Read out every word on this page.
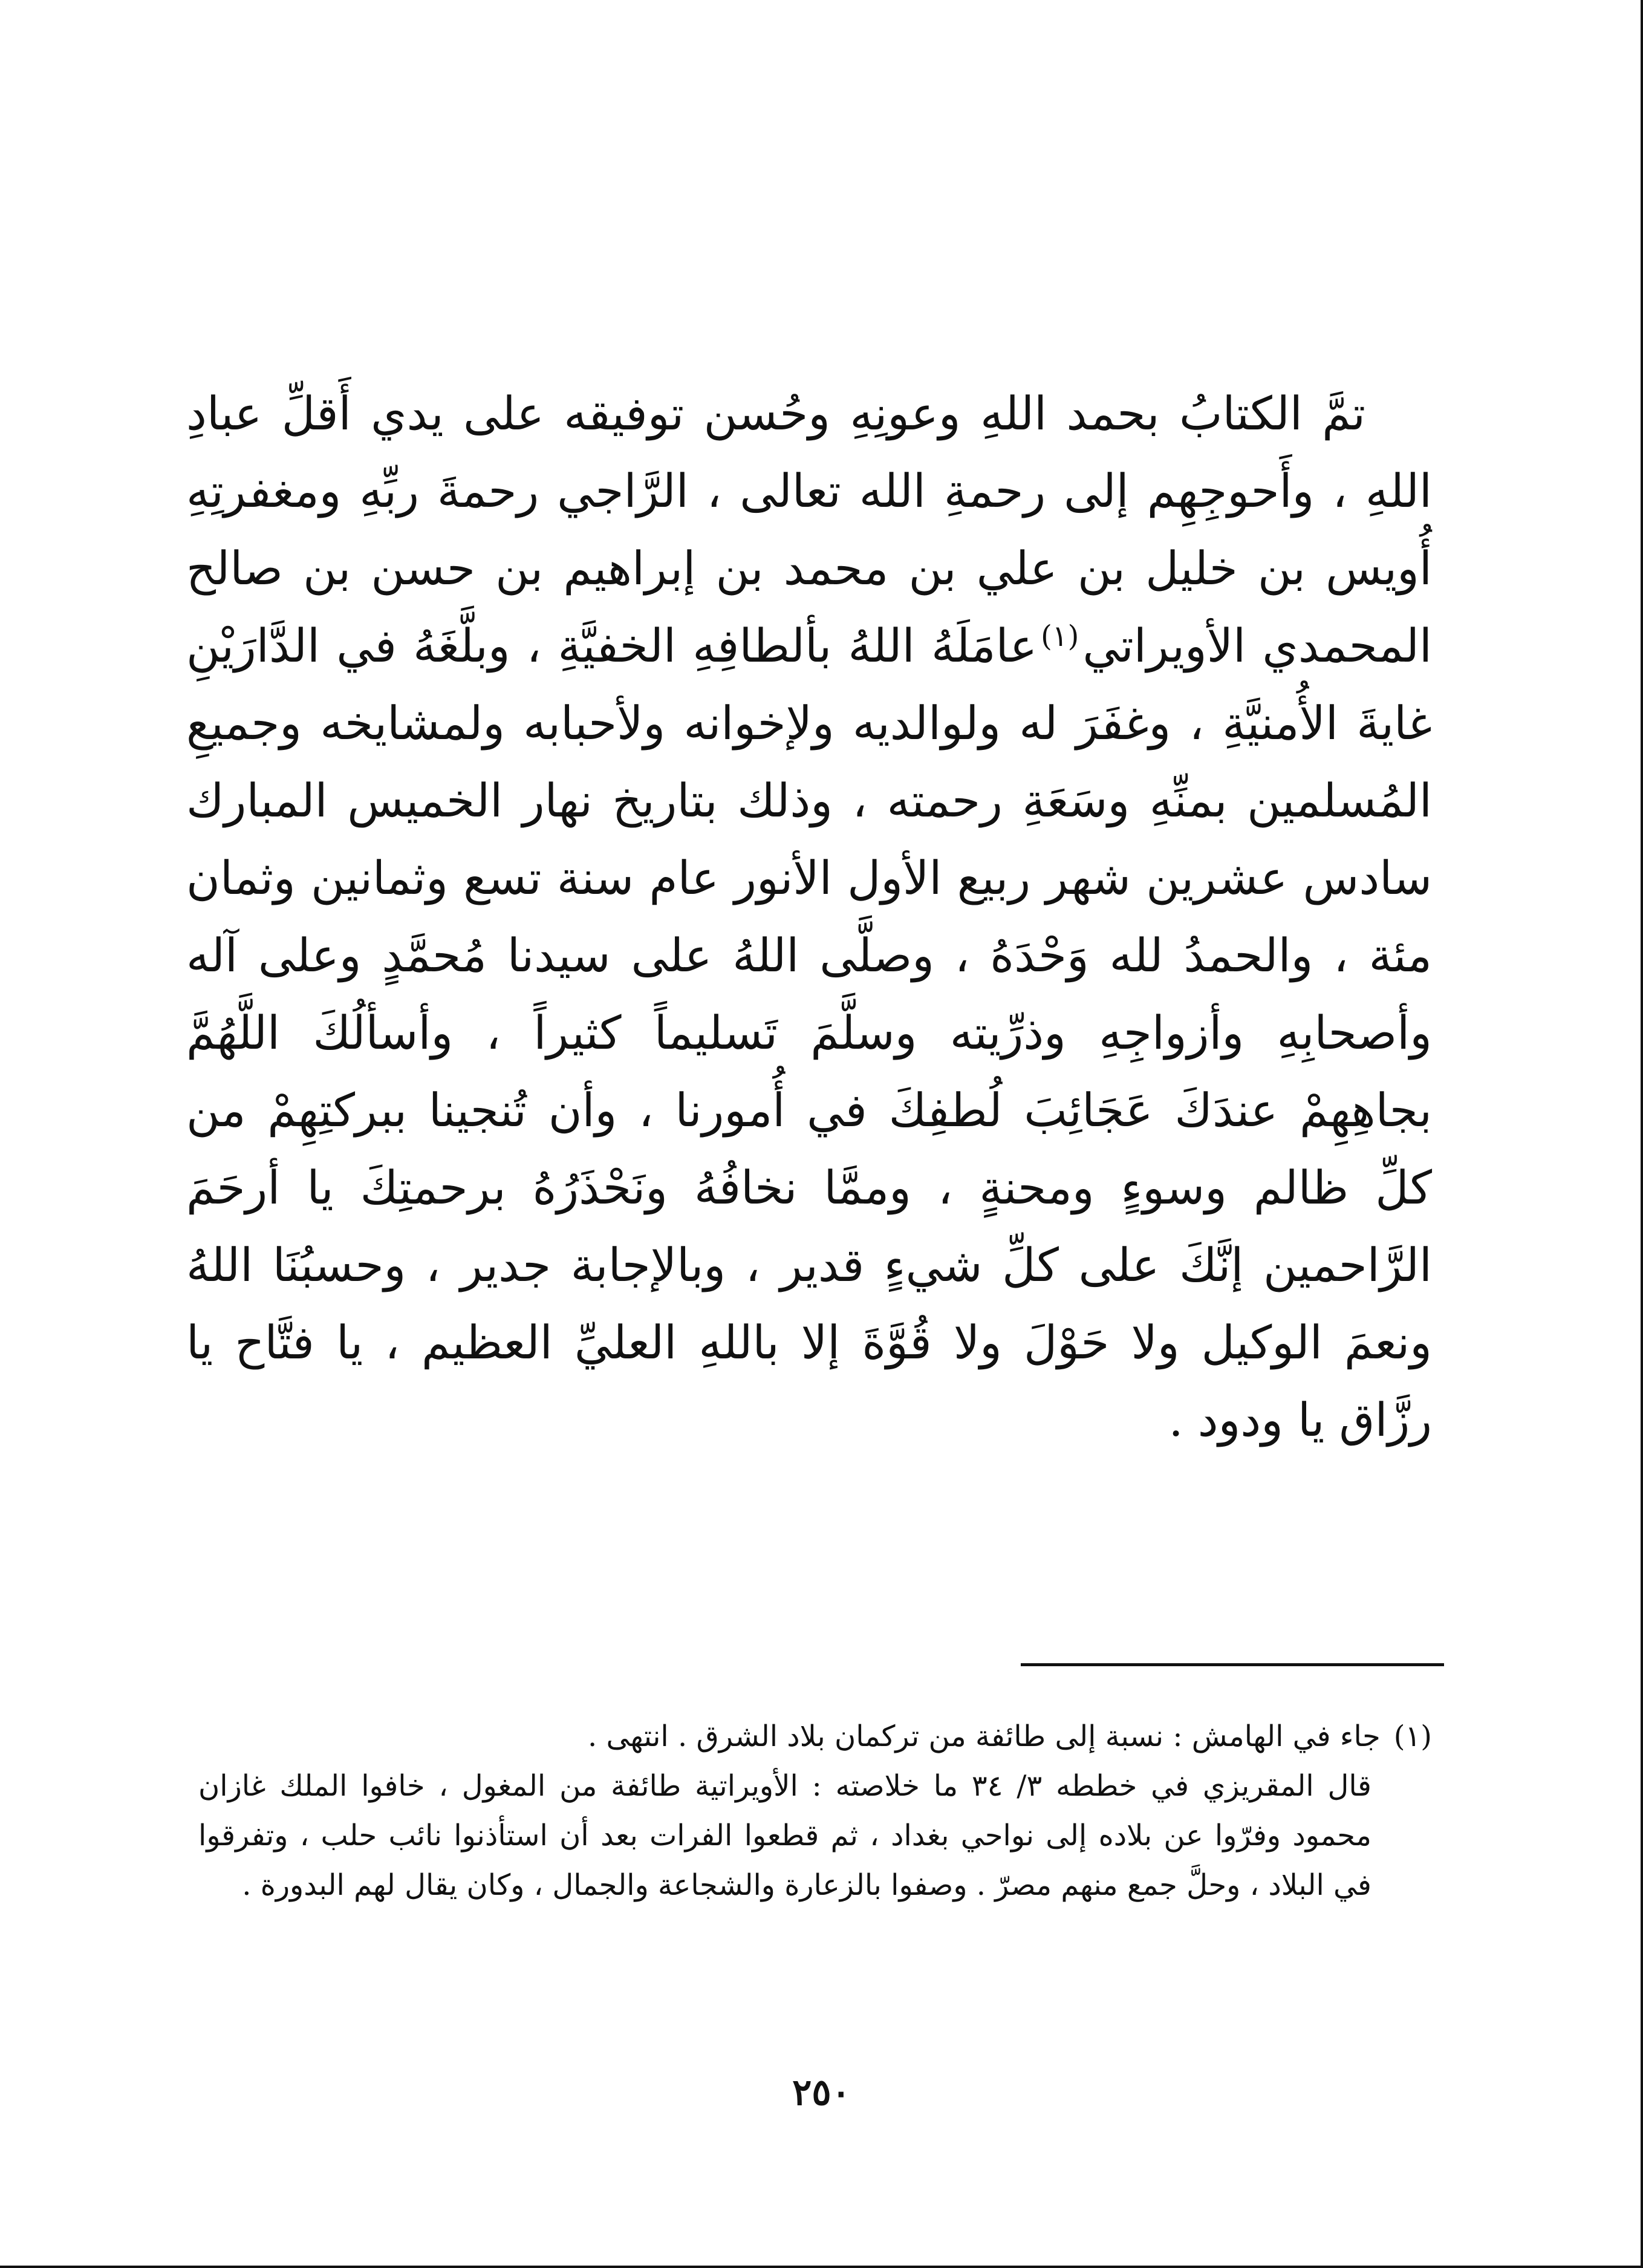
تمَّ الكتابُ بحمد اللهِ وعونِهِ وحُسن توفيقه على يدي أَقلِّ عبادِ اللهِ ، وأَحوجِهِم إلى رحمةِ الله تعالى ، الرَّاجي رحمةَ ربِّهِ ومغفرتِهِ أُويس بن خليل بن علي بن محمد بن إبراهيم بن حسن بن صالح المحمدي الأويراتي$^{(١)}$عامَلَهُ اللهُ بألطافِهِ الخفيَّةِ ، وبلَّغَهُ في الدَّارَيْنِ غايةَ الأُمنيَّةِ ، وغفَرَ له ولوالديه ولإخوانه ولأحبابه ولمشايخه وجميعِ المُسلمين بمنِّهِ وسَعَةِ رحمته ، وذلك بتاريخ نهار الخميس المبارك سادس عشرين شهر ربيع الأول الأنور عام سنة تسع وثمانين وثمان مئة ، والحمدُ لله وَحْدَهُ ، وصلَّى اللهُ على سيدنا مُحمَّدٍ وعلى آله وأصحابِهِ وأزواجِهِ وذرِّيته وسلَّمَ تَسليماً كثيراً ، وأسألُكَ اللَّهُمَّ بجاهِهِمْ عندَكَ عَجَائِبَ لُطفِكَ في أُمورنا ، وأن تُنجينا ببركتِهِمْ من كلِّ ظالم وسوءٍ ومحنةٍ ، وممَّا نخافُهُ ونَحْذَرُهُ برحمتِكَ يا أرحَمَ الرَّاحمين إنَّكَ على كلِّ شيءٍ قدير ، وبالإجابة جدير ، وحسبُنَا اللهُ ونعمَ الوكيل ولا حَوْلَ ولا قُوَّةَ إلا باللهِ العليِّ العظيم ، يا فتَّاح يا رزَّاق يا ودود .

(١)جاء في الهامش : نسبة إلى طائفة من تركمان بلاد الشرق . انتهى .

قال المقريزي في خططه ٣/ ٣٤ ما خلاصته : الأويراتية طائفة من المغول ، خافوا الملك غازان محمود وفرّوا عن بلاده إلى نواحي بغداد ، ثم قطعوا الفرات بعد أن استأذنوا نائب حلب ، وتفرقوا في البلاد ، وحلَّ جمع منهم مصرّ . وصفوا بالزعارة والشجاعة والجمال ، وكان يقال لهم البدورة .

٢٥٠
